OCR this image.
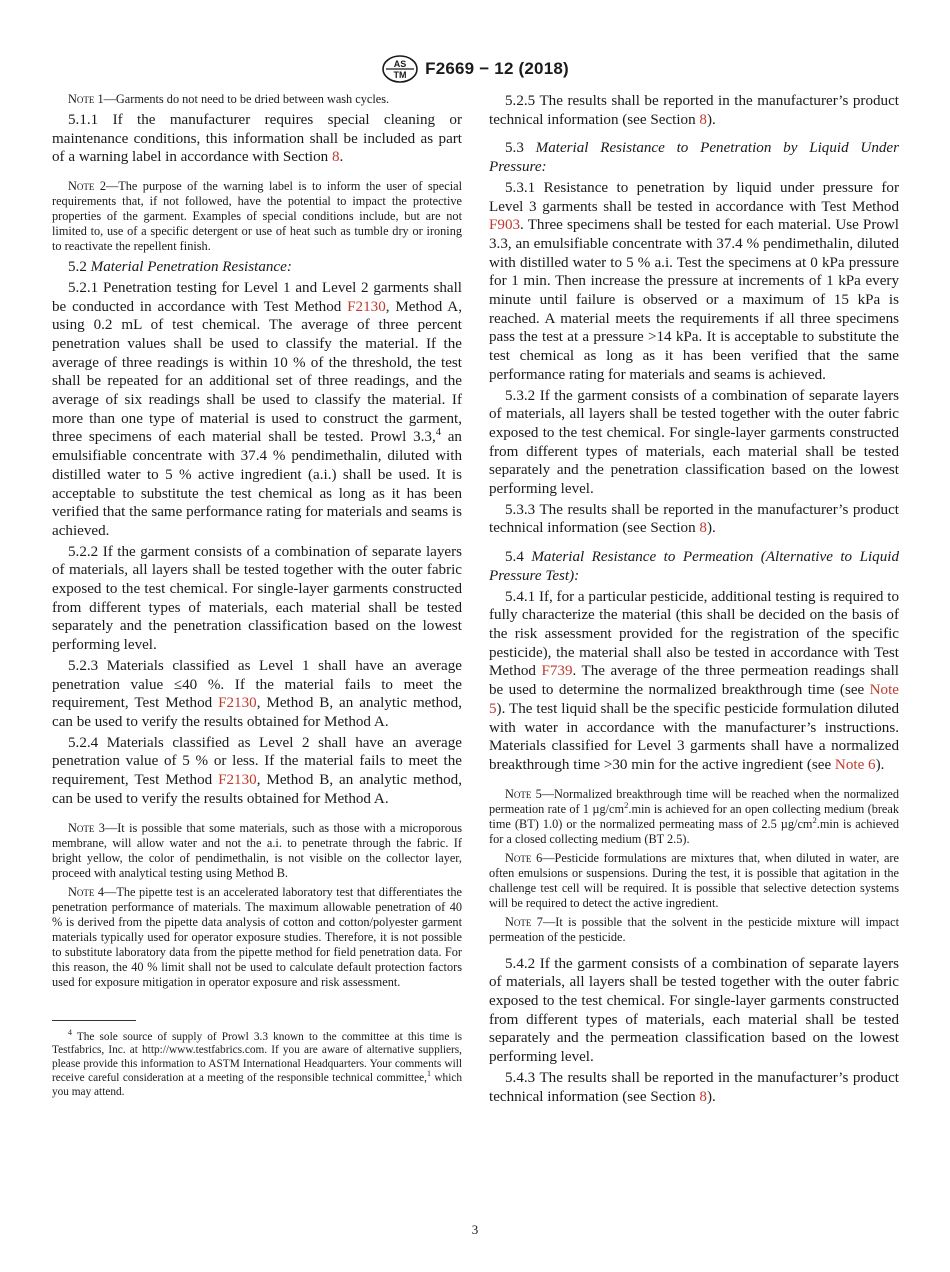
AS
TM F2669 − 12 (2018)

Note 1—Garments do not need to be dried between wash cycles.

5.1.1 If the manufacturer requires special cleaning or maintenance conditions, this information shall be included as part of a warning label in accordance with Section 8.

Note 2—The purpose of the warning label is to inform the user of special requirements that, if not followed, have the potential to impact the protective properties of the garment. Examples of special conditions include, but are not limited to, use of a specific detergent or use of heat such as tumble dry or ironing to reactivate the repellent finish.

5.2 Material Penetration Resistance:

5.2.1 Penetration testing for Level 1 and Level 2 garments shall be conducted in accordance with Test Method F2130, Method A, using 0.2 mL of test chemical. The average of three percent penetration values shall be used to classify the material. If the average of three readings is within 10 % of the threshold, the test shall be repeated for an additional set of three readings, and the average of six readings shall be used to classify the material. If more than one type of material is used to construct the garment, three specimens of each material shall be tested. Prowl 3.3,$^4$ an emulsifiable concentrate with 37.4 % pendimethalin, diluted with distilled water to 5 % active ingredient (a.i.) shall be used. It is acceptable to substitute the test chemical as long as it has been verified that the same performance rating for materials and seams is achieved.

5.2.2 If the garment consists of a combination of separate layers of materials, all layers shall be tested together with the outer fabric exposed to the test chemical. For single-layer garments constructed from different types of materials, each material shall be tested separately and the penetration classification based on the lowest performing level.

5.2.3 Materials classified as Level 1 shall have an average penetration value ≤40 %. If the material fails to meet the requirement, Test Method F2130, Method B, an analytic method, can be used to verify the results obtained for Method A.

5.2.4 Materials classified as Level 2 shall have an average penetration value of 5 % or less. If the material fails to meet the requirement, Test Method F2130, Method B, an analytic method, can be used to verify the results obtained for Method A.

Note 3—It is possible that some materials, such as those with a microporous membrane, will allow water and not the a.i. to penetrate through the fabric. If bright yellow, the color of pendimethalin, is not visible on the collector layer, proceed with analytical testing using Method B.

Note 4—The pipette test is an accelerated laboratory test that differentiates the penetration performance of materials. The maximum allowable penetration of 40 % is derived from the pipette data analysis of cotton and cotton/polyester garment materials typically used for operator exposure studies. Therefore, it is not possible to substitute laboratory data from the pipette method for field penetration data. For this reason, the 40 % limit shall not be used to calculate default protection factors used for exposure mitigation in operator exposure and risk assessment.

$^4$ The sole source of supply of Prowl 3.3 known to the committee at this time is Testfabrics, Inc. at http://www.testfabrics.com. If you are aware of alternative suppliers, please provide this information to ASTM International Headquarters. Your comments will receive careful consideration at a meeting of the responsible technical committee,$^1$ which you may attend.

5.2.5 The results shall be reported in the manufacturer’s product technical information (see Section 8).

5.3 Material Resistance to Penetration by Liquid Under Pressure:

5.3.1 Resistance to penetration by liquid under pressure for Level 3 garments shall be tested in accordance with Test Method F903. Three specimens shall be tested for each material. Use Prowl 3.3, an emulsifiable concentrate with 37.4 % pendimethalin, diluted with distilled water to 5 % a.i. Test the specimens at 0 kPa pressure for 1 min. Then increase the pressure at increments of 1 kPa every minute until failure is observed or a maximum of 15 kPa is reached. A material meets the requirements if all three specimens pass the test at a pressure >14 kPa. It is acceptable to substitute the test chemical as long as it has been verified that the same performance rating for materials and seams is achieved.

5.3.2 If the garment consists of a combination of separate layers of materials, all layers shall be tested together with the outer fabric exposed to the test chemical. For single-layer garments constructed from different types of materials, each material shall be tested separately and the penetration classification based on the lowest performing level.

5.3.3 The results shall be reported in the manufacturer’s product technical information (see Section 8).

5.4 Material Resistance to Permeation (Alternative to Liquid Pressure Test):

5.4.1 If, for a particular pesticide, additional testing is required to fully characterize the material (this shall be decided on the basis of the risk assessment provided for the registration of the specific pesticide), the material shall also be tested in accordance with Test Method F739. The average of the three permeation readings shall be used to determine the normalized breakthrough time (see Note 5). The test liquid shall be the specific pesticide formulation diluted with water in accordance with the manufacturer’s instructions. Materials classified for Level 3 garments shall have a normalized breakthrough time >30 min for the active ingredient (see Note 6).

Note 5—Normalized breakthrough time will be reached when the normalized permeation rate of 1 $\mu g/cm^2.\min$ is achieved for an open collecting medium (break time (BT) 1.0) or the normalized permeating mass of 2.5 $\mu g/cm^2.\min$ is achieved for a closed collecting medium (BT 2.5).

Note 6—Pesticide formulations are mixtures that, when diluted in water, are often emulsions or suspensions. During the test, it is possible that agitation in the challenge test cell will be required. It is possible that selective detection systems will be required to detect the active ingredient.

Note 7—It is possible that the solvent in the pesticide mixture will impact permeation of the pesticide.

5.4.2 If the garment consists of a combination of separate layers of materials, all layers shall be tested together with the outer fabric exposed to the test chemical. For single-layer garments constructed from different types of materials, each material shall be tested separately and the permeation classification based on the lowest performing level.

5.4.3 The results shall be reported in the manufacturer’s product technical information (see Section 8).

3
